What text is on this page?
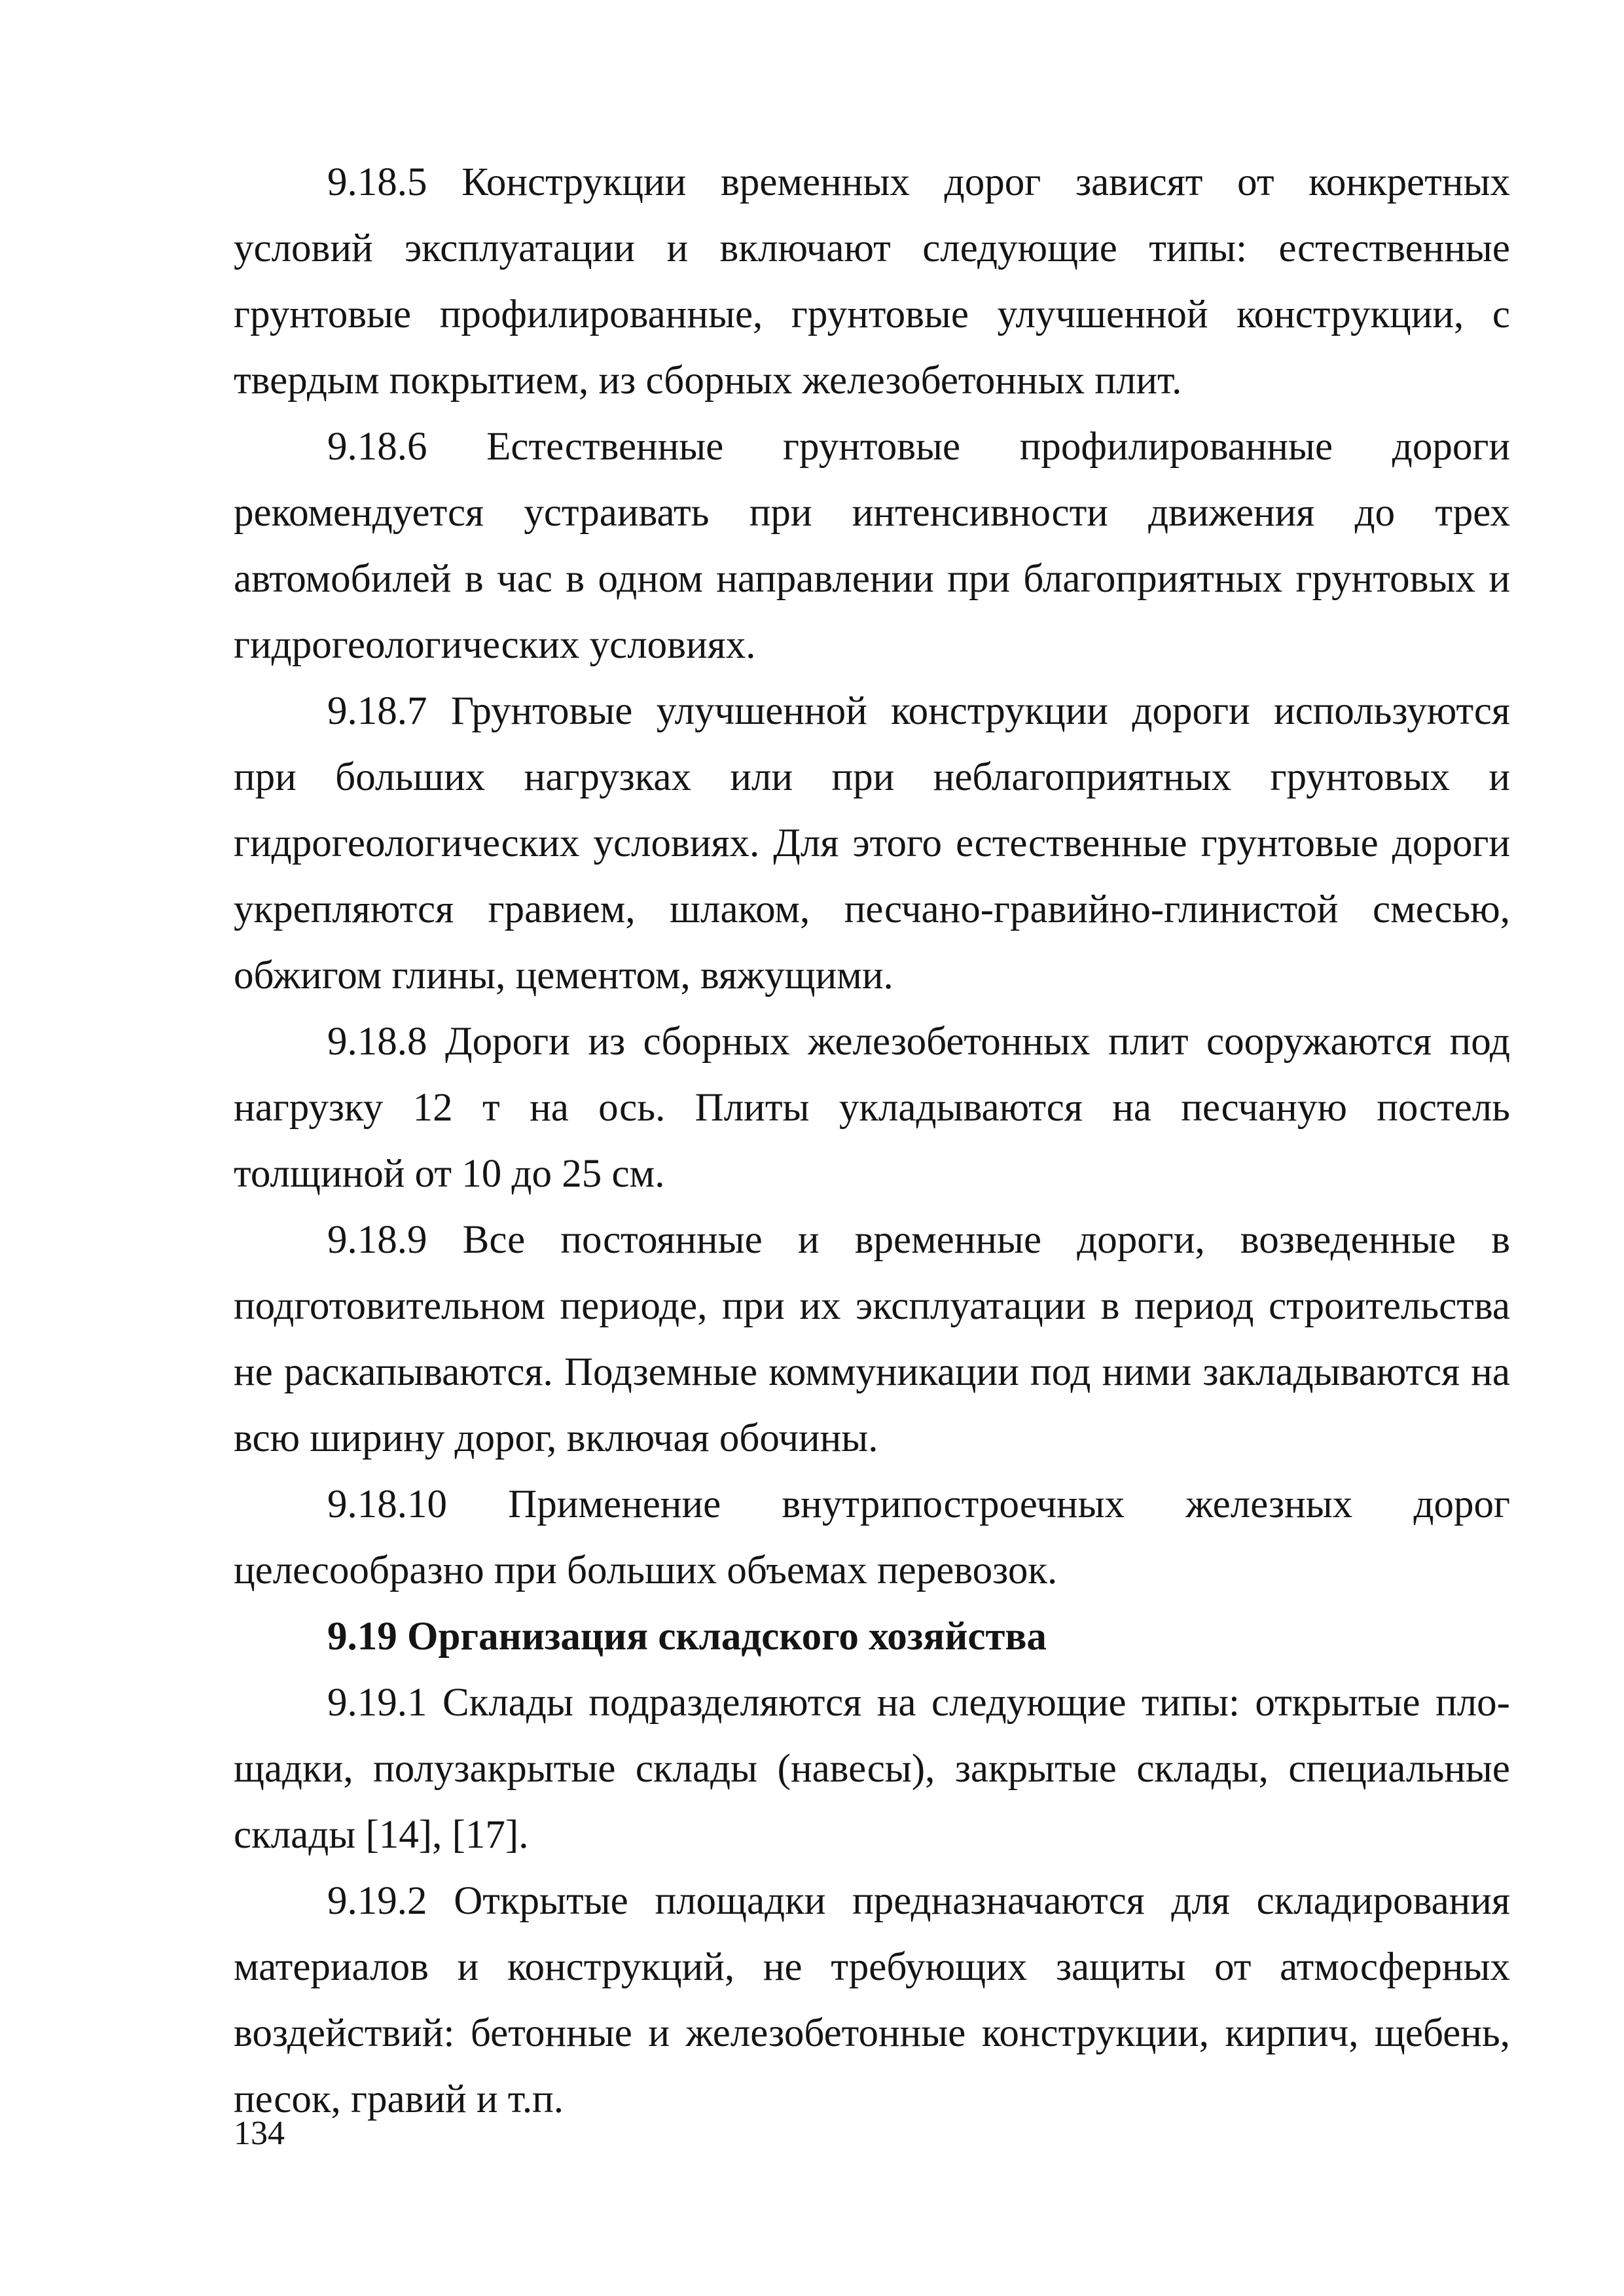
9.18.5 Конструкции временных дорог зависят от конкретных условий эксплуатации и включают следующие типы: естественные грунтовые профилированные, грунтовые улучшенной конструкции, с твердым покрытием, из сборных железобетонных плит.

9.18.6 Естественные грунтовые профилированные дороги рекомендуется устраивать при интенсивности движения до трех автомобилей в час в одном направлении при благоприятных грунтовых и гидрогеологических условиях.

9.18.7 Грунтовые улучшенной конструкции дороги используются при больших нагрузках или при неблагоприятных грунтовых и гидрогеологических условиях. Для этого естественные грунтовые дороги укрепляются гравием, шлаком, песчано-гравийно-глинистой смесью, обжигом глины, цементом, вяжущими.

9.18.8 Дороги из сборных железобетонных плит сооружаются под нагрузку 12 т на ось. Плиты укладываются на песчаную постель толщиной от 10 до 25 см.

9.18.9 Все постоянные и временные дороги, возведенные в подготовительном периоде, при их эксплуатации в период строительства не раскапываются. Подземные коммуникации под ними закладываются на всю ширину дорог, включая обочины.

9.18.10 Применение внутрипостроечных железных дорог целесообразно при больших объемах перевозок.

9.19 Организация складского хозяйства

9.19.1 Склады подразделяются на следующие типы: открытые площадки, полузакрытые склады (навесы), закрытые склады, специальные склады [14], [17].

9.19.2 Открытые площадки предназначаются для складирования материалов и конструкций, не требующих защиты от атмосферных воздействий: бетонные и железобетонные конструкции, кирпич, щебень, песок, гравий и т.п.

134
